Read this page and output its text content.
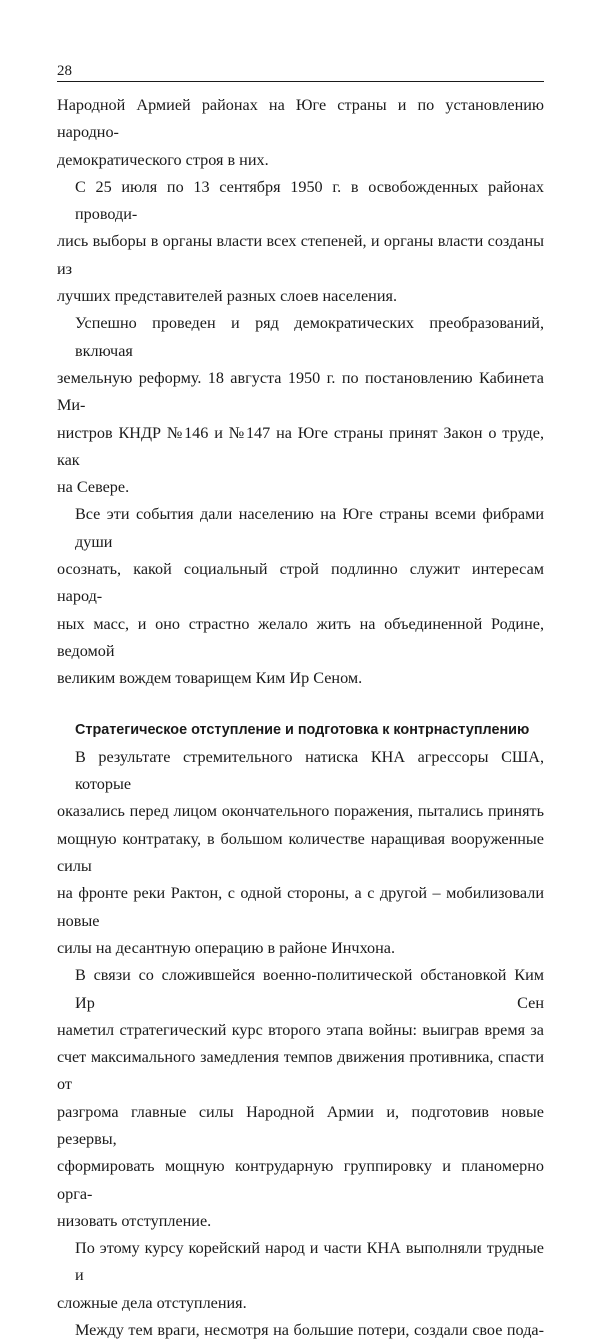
28

Народной Армией районах на Юге страны и по установлению народно-
демократического строя в них.

С 25 июля по 13 сентября 1950 г. в освобожденных районах проводи-
лись выборы в органы власти всех степеней, и органы власти созданы из
лучших представителей разных слоев населения.

Успешно проведен и ряд демократических преобразований, включая
земельную реформу. 18 августа 1950 г. по постановлению Кабинета Ми-
нистров КНДР №146 и №147 на Юге страны принят Закон о труде, как
на Севере.

Все эти события дали населению на Юге страны всеми фибрами души
осознать, какой социальный строй подлинно служит интересам народ-
ных масс, и оно страстно желало жить на объединенной Родине, ведомой
великим вождем товарищем Ким Ир Сеном.

Стратегическое отступление и подготовка к контрнаступлению

В результате стремительного натиска КНА агрессоры США, которые
оказались перед лицом окончательного поражения, пытались принять
мощную контратаку, в большом количестве наращивая вооруженные силы
на фронте реки Рактон, с одной стороны, а с другой – мобилизовали новые
силы на десантную операцию в районе Инчхона.

В связи со сложившейся военно-политической обстановкой Ким Ир Сен
наметил стратегический курс второго этапа войны: выиграв время за
счет максимального замедления темпов движения противника, спасти от
разгрома главные силы Народной Армии и, подготовив новые резервы,
сформировать мощную контрударную группировку и планомерно орга-
низовать отступление.

По этому курсу корейский народ и части КНА выполняли трудные и
сложные дела отступления.

Между тем враги, несмотря на большие потери, создали свое пода-
